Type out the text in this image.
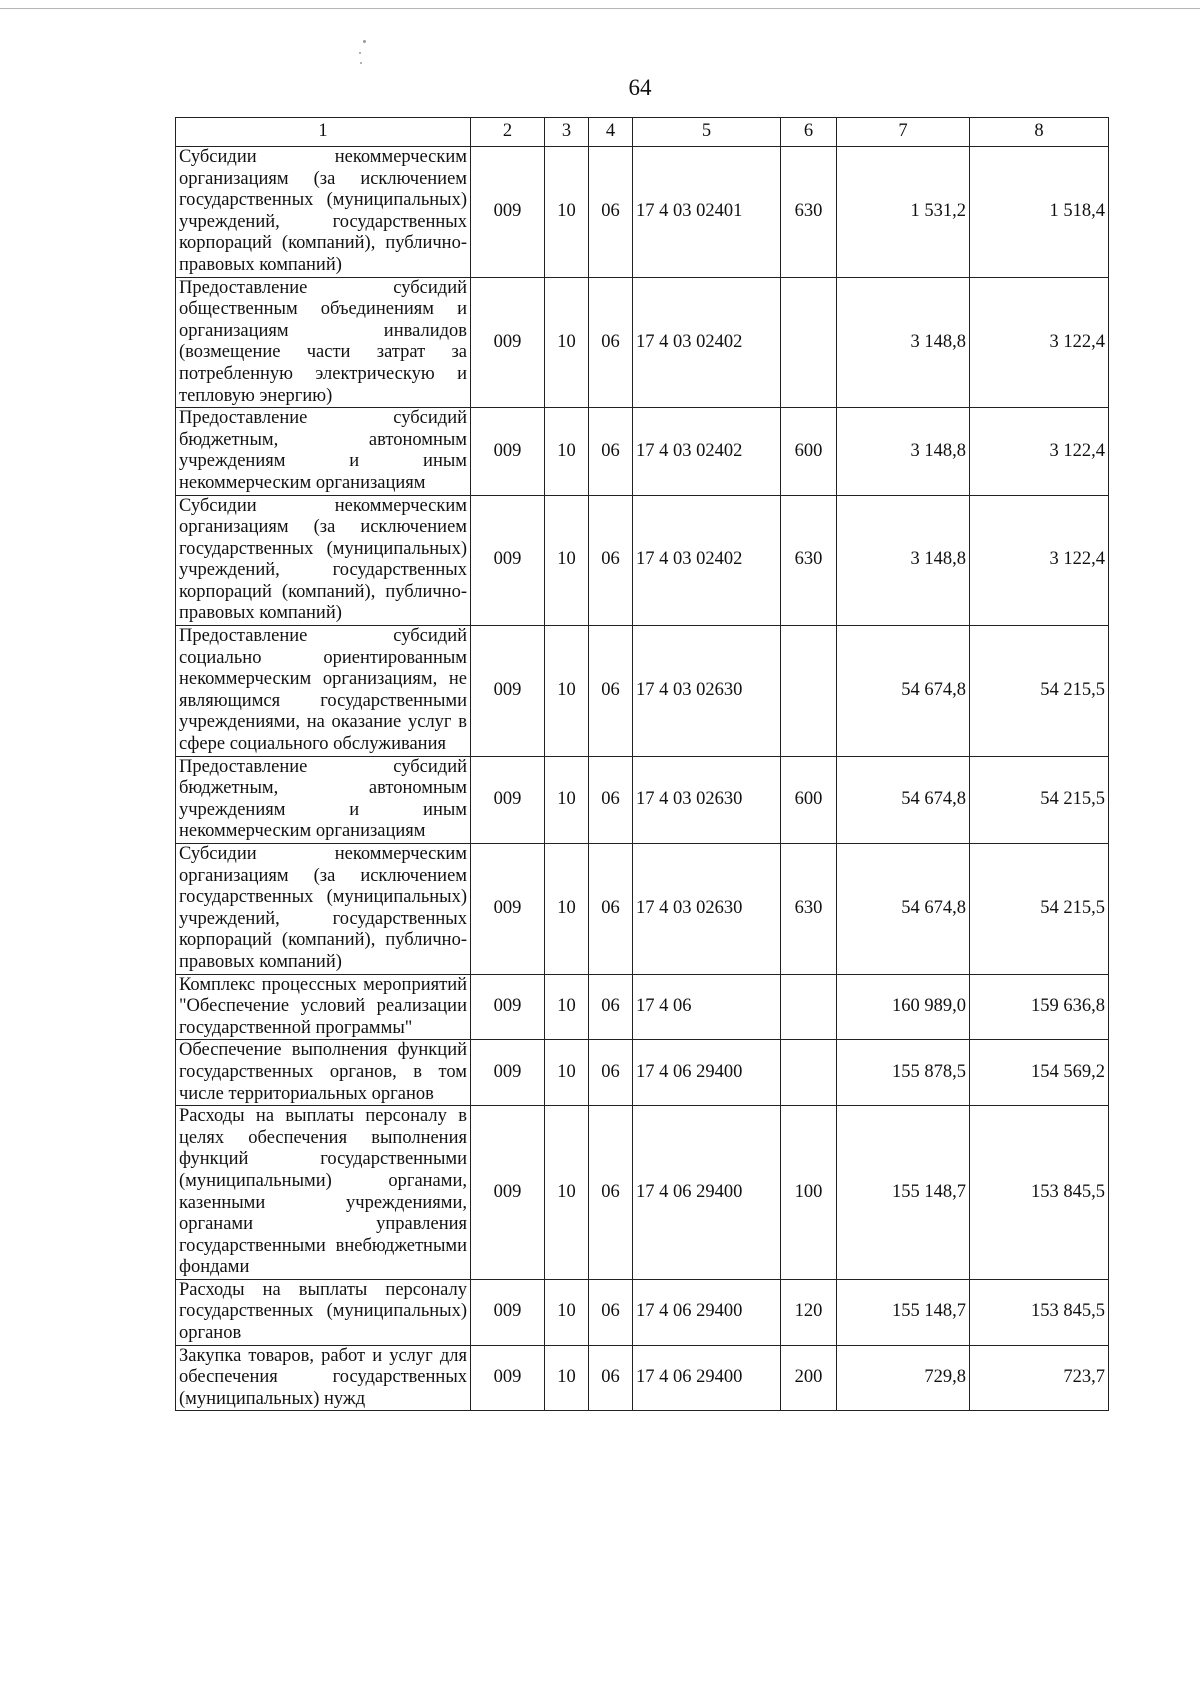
64
1	2	3	4	5	6	7	8
Субсидии некоммерческим организациям (за исключением государственных (муниципальных) учреждений, государственных корпораций (компаний), публично-правовых компаний)	009	10	06	17 4 03 02401	630	1 531,2	1 518,4
Предоставление субсидий общественным объединениям и организациям инвалидов (возмещение части затрат за потребленную электрическую и тепловую энергию)	009	10	06	17 4 03 02402		3 148,8	3 122,4
Предоставление субсидий бюджетным, автономным учреждениям и иным некоммерческим организациям	009	10	06	17 4 03 02402	600	3 148,8	3 122,4
Субсидии некоммерческим организациям (за исключением государственных (муниципальных) учреждений, государственных корпораций (компаний), публично-правовых компаний)	009	10	06	17 4 03 02402	630	3 148,8	3 122,4
Предоставление субсидий социально ориентированным некоммерческим организациям, не являющимся государственными учреждениями, на оказание услуг в сфере социального обслуживания	009	10	06	17 4 03 02630		54 674,8	54 215,5
Предоставление субсидий бюджетным, автономным учреждениям и иным некоммерческим организациям	009	10	06	17 4 03 02630	600	54 674,8	54 215,5
Субсидии некоммерческим организациям (за исключением государственных (муниципальных) учреждений, государственных корпораций (компаний), публично-правовых компаний)	009	10	06	17 4 03 02630	630	54 674,8	54 215,5
Комплекс процессных мероприятий "Обеспечение условий реализации государственной программы"	009	10	06	17 4 06		160 989,0	159 636,8
Обеспечение выполнения функций государственных органов, в том числе территориальных органов	009	10	06	17 4 06 29400		155 878,5	154 569,2
Расходы на выплаты персоналу в целях обеспечения выполнения функций государственными (муниципальными) органами, казенными учреждениями, органами управления государственными внебюджетными фондами	009	10	06	17 4 06 29400	100	155 148,7	153 845,5
Расходы на выплаты персоналу государственных (муниципальных) органов	009	10	06	17 4 06 29400	120	155 148,7	153 845,5
Закупка товаров, работ и услуг для обеспечения государственных (муниципальных) нужд	009	10	06	17 4 06 29400	200	729,8	723,7
